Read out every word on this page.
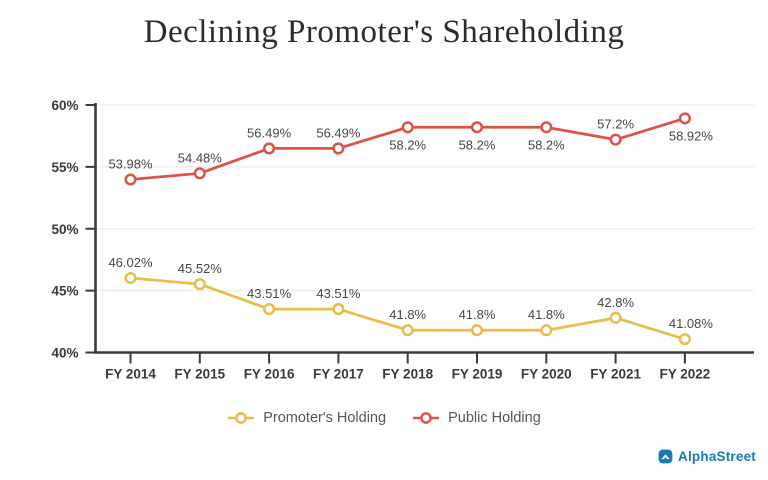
Declining Promoter's Shareholding
40%
45%
50%
55%
60%
FY 2014 FY 2015 FY 2016 FY 2017 FY 2018 FY 2019 FY 2020 FY 2021 FY 2022
46.02% 45.52%
43.51% 43.51%
41.8% 41.8% 41.8%
42.8%
41.08%
53.98% 54.48%
56.49% 56.49%
58.2% 58.2% 58.2%
57.2%
58.92%
Promoter's Holding	Public Holding
AlphaStreet
